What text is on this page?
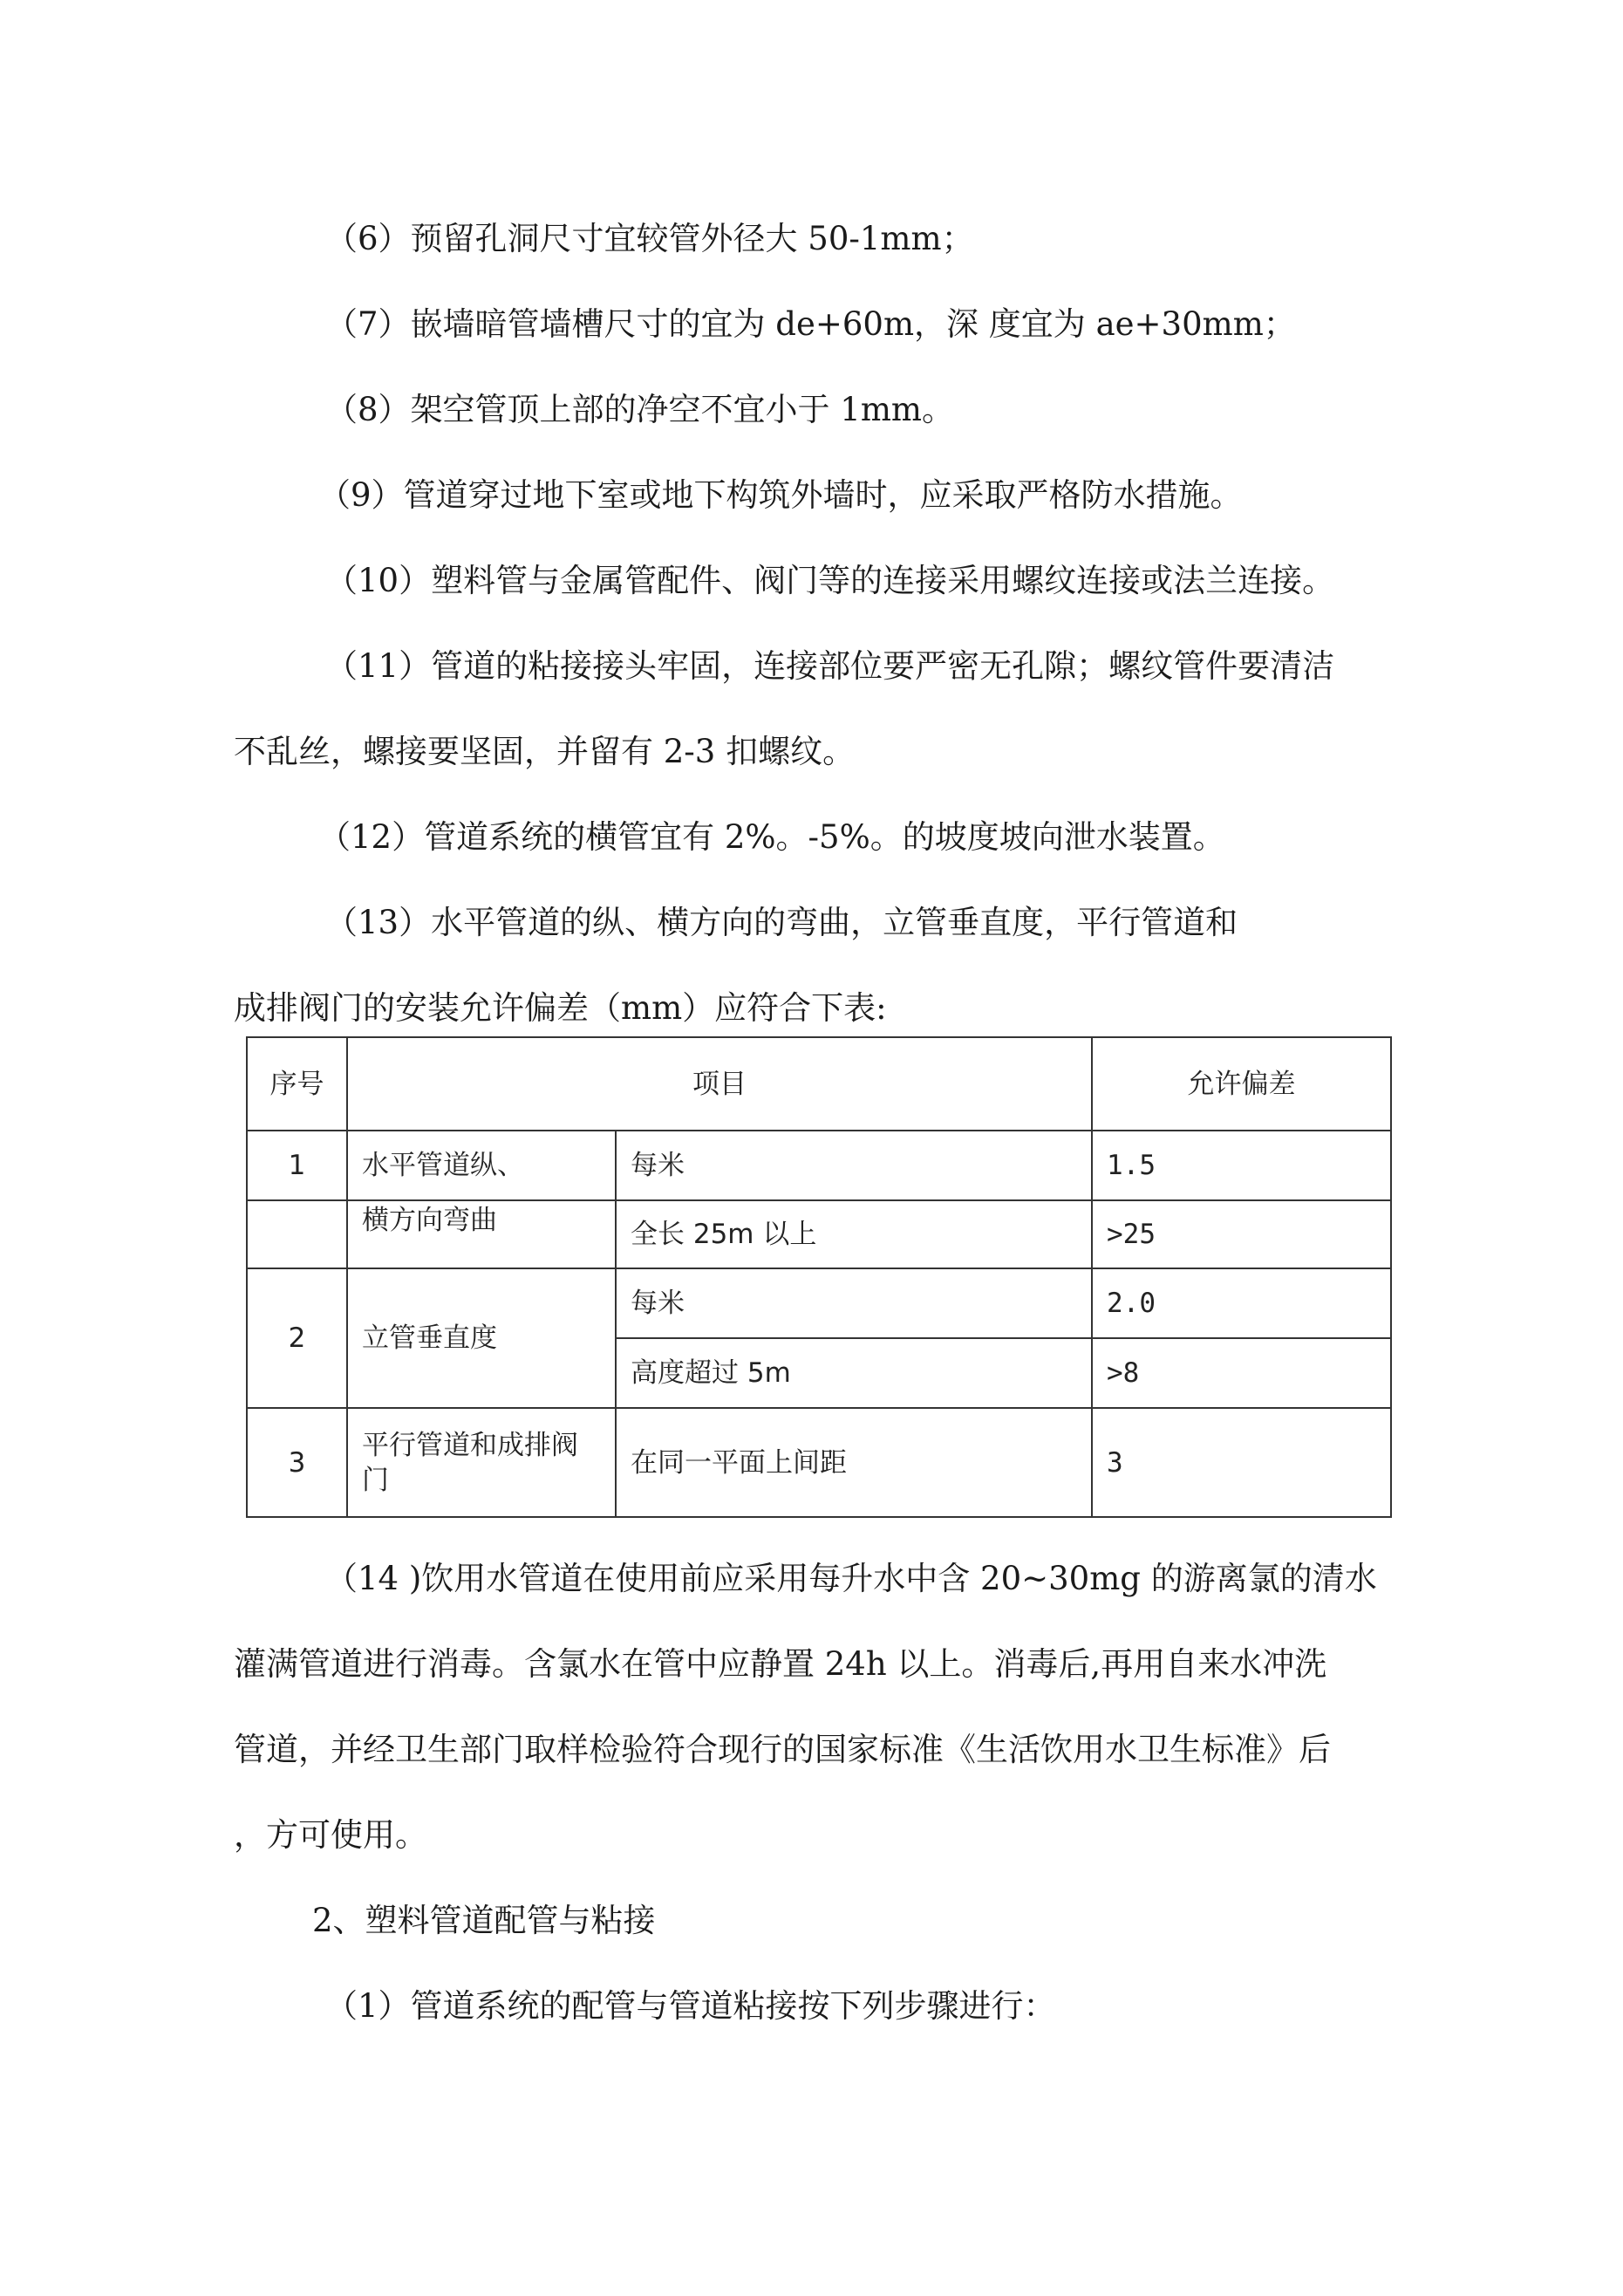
（6）预留孔洞尺寸宜较管外径大 50-1mm；

（7）嵌墙暗管墙槽尺寸的宜为 de+60m，深 度宜为 ae+30mm；

（8）架空管顶上部的净空不宜小于 1mm。

（9）管道穿过地下室或地下构筑外墙时，应采取严格防水措施。

（10）塑料管与金属管配件、阀门等的连接采用螺纹连接或法兰连接。

（11）管道的粘接接头牢固，连接部位要严密无孔隙；螺纹管件要清洁

不乱丝，螺接要坚固，并留有 2-3 扣螺纹。

（12）管道系统的横管宜有 2%。-5%。的坡度坡向泄水装置。

（13）水平管道的纵、横方向的弯曲，立管垂直度，平行管道和

成排阀门的安装允许偏差（mm）应符合下表:

序号	项目		允许偏差
1	水平管道纵、	每米	1.5
	横方向弯曲	全长 25m 以上	>25
2	立管垂直度	每米	2.0
		高度超过 5m	>8
3	平行管道和成排阀门	在同一平面上间距	3

（14 )饮用水管道在使用前应采用每升水中含 20~30mg 的游离氯的清水

灌满管道进行消毒。含氯水在管中应静置 24h 以上。消毒后,再用自来水冲洗

管道，并经卫生部门取样检验符合现行的国家标准《生活饮用水卫生标准》后

，方可使用。

2、塑料管道配管与粘接

（1）管道系统的配管与管道粘接按下列步骤进行：
